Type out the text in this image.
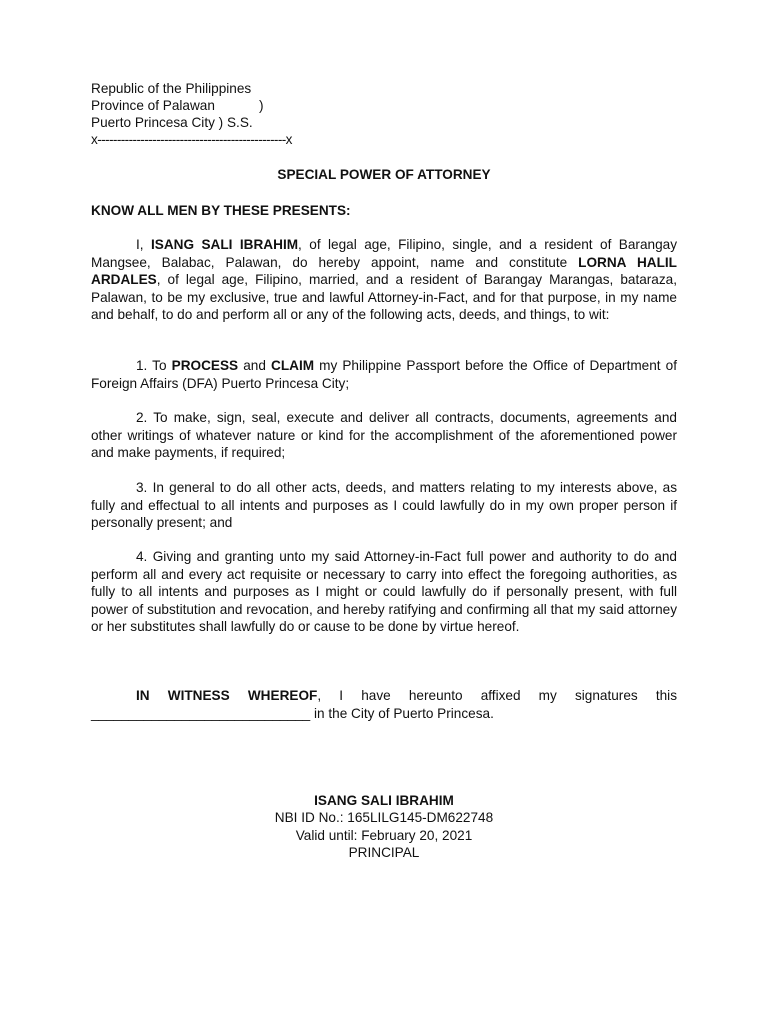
Republic of the Philippines
Province of Palawan	)
Puerto Princesa City ) S.S.
x------------------------------------------------x
SPECIAL POWER OF ATTORNEY
KNOW ALL MEN BY THESE PRESENTS:

I, ISANG SALI IBRAHIM, of legal age, Filipino, single, and a resident of Barangay Mangsee, Balabac, Palawan, do hereby appoint, name and constitute LORNA HALIL ARDALES, of legal age, Filipino, married, and a resident of Barangay Marangas, bataraza, Palawan, to be my exclusive, true and lawful Attorney-in-Fact, and for that purpose, in my name and behalf, to do and perform all or any of the following acts, deeds, and things, to wit:

1. To PROCESS and CLAIM my Philippine Passport before the Office of Department of Foreign Affairs (DFA) Puerto Princesa City;

2. To make, sign, seal, execute and deliver all contracts, documents, agreements and other writings of whatever nature or kind for the accomplishment of the aforementioned power and make payments, if required;

3. In general to do all other acts, deeds, and matters relating to my interests above, as fully and effectual to all intents and purposes as I could lawfully do in my own proper person if personally present; and

4. Giving and granting unto my said Attorney-in-Fact full power and authority to do and perform all and every act requisite or necessary to carry into effect the foregoing authorities, as fully to all intents and purposes as I might or could lawfully do if personally present, with full power of substitution and revocation, and hereby ratifying and confirming all that my said attorney or her substitutes shall lawfully do or cause to be done by virtue hereof.

IN WITNESS WHEREOF, I have hereunto affixed my signatures this _____________________________ in the City of Puerto Princesa.

ISANG SALI IBRAHIM
NBI ID No.: 165LILG145-DM622748
Valid until: February 20, 2021
PRINCIPAL
